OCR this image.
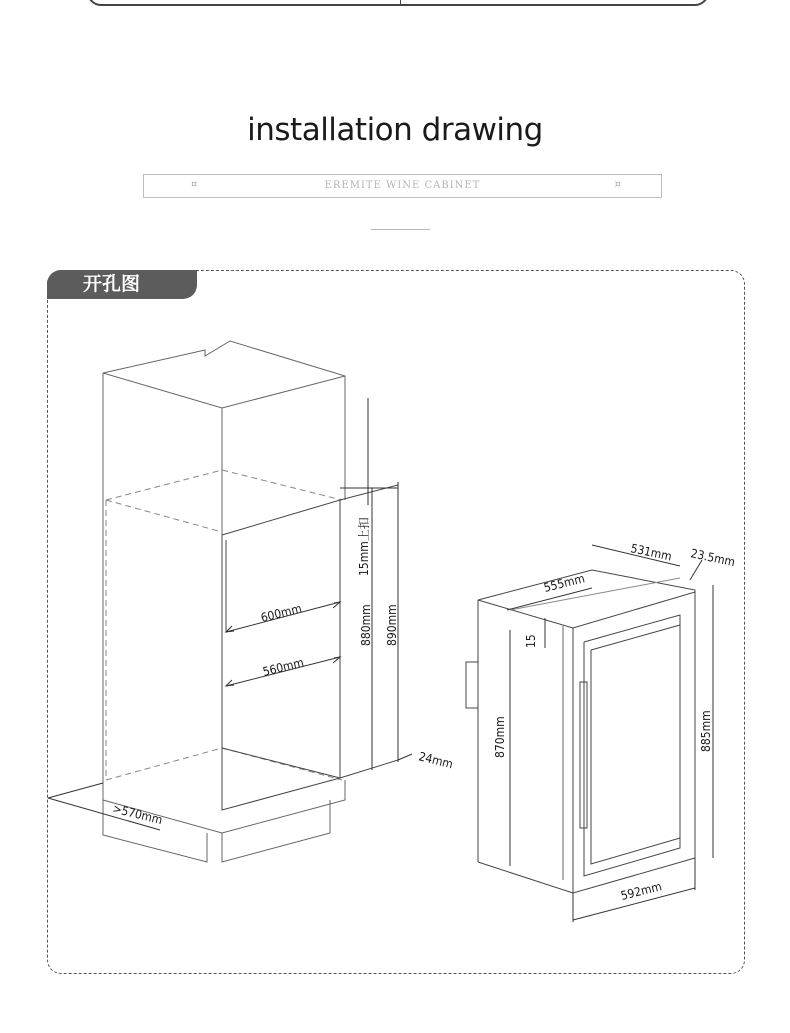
installation drawing
¤	EREMITE WINE CABINET	¤
开孔图
600mm
560mm
>570mm
15mm上扣
880mm 890mm
24mm
531mm 23.5mm
555mm
15
870mm	885mm
592mm
